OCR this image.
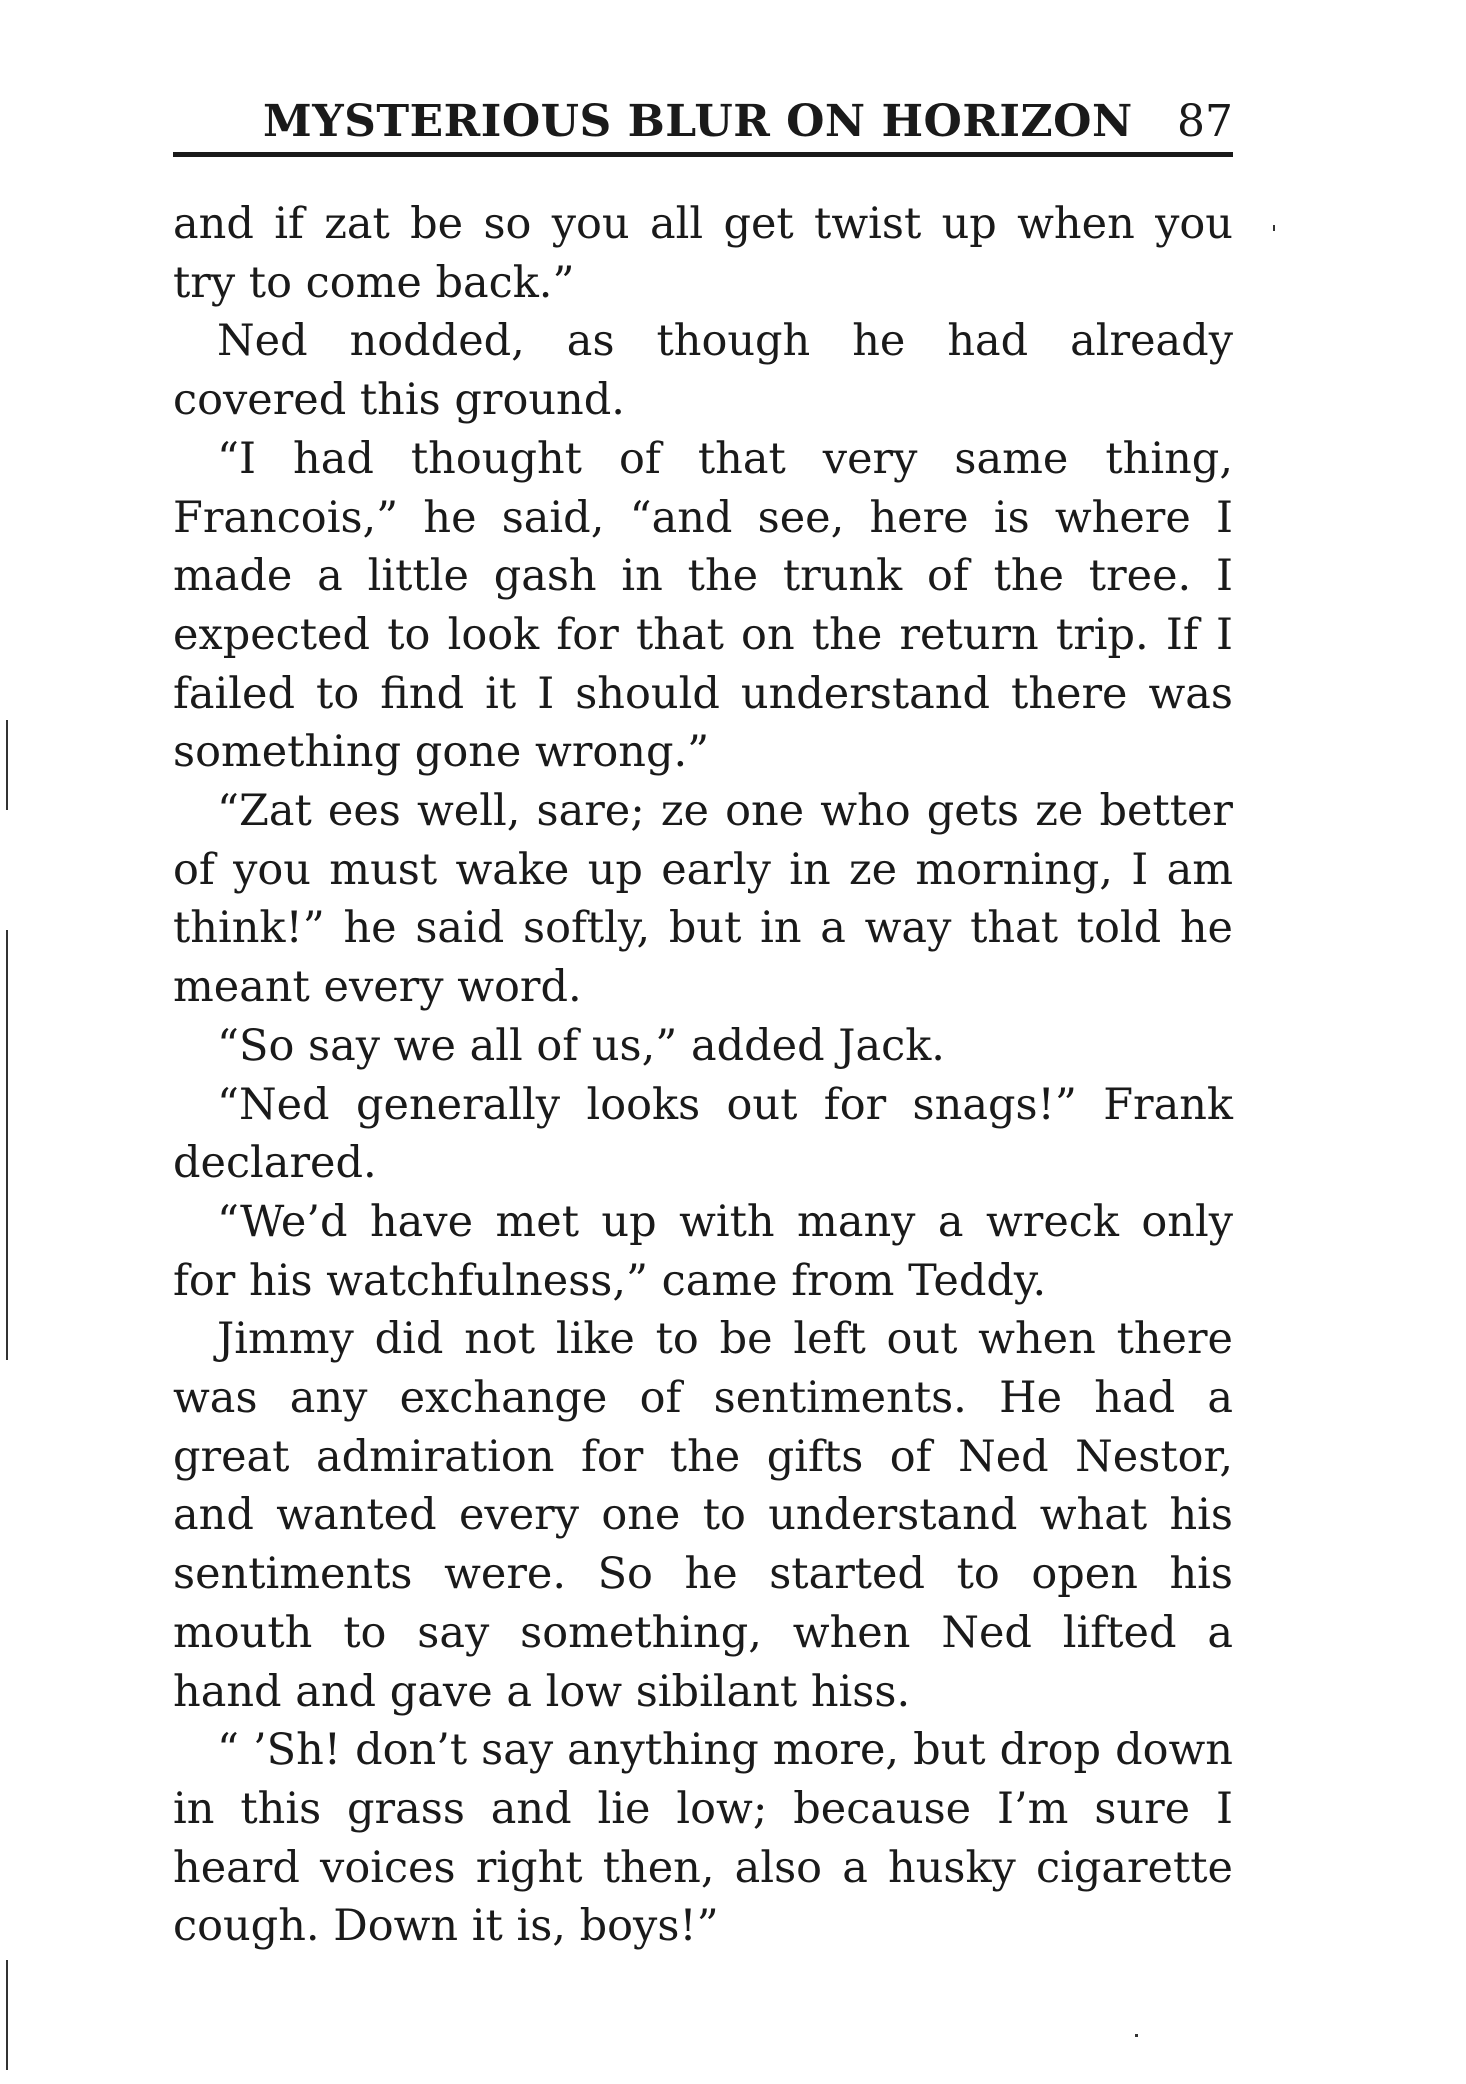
MYSTERIOUS BLUR ON HORIZON 87

and if zat be so you all get twist up when you try to come back.”

Ned nodded, as though he had already covered this ground.

“I had thought of that very same thing, Francois,” he said, “and see, here is where I made a little gash in the trunk of the tree. I expected to look for that on the return trip. If I failed to find it I should understand there was something gone wrong.”

“Zat ees well, sare; ze one who gets ze better of you must wake up early in ze morning, I am think!” he said softly, but in a way that told he meant every word.

“So say we all of us,” added Jack.

“Ned generally looks out for snags!” Frank declared.

“We’d have met up with many a wreck only for his watchfulness,” came from Teddy.

Jimmy did not like to be left out when there was any exchange of sentiments. He had a great admiration for the gifts of Ned Nestor, and wanted every one to understand what his sentiments were. So he started to open his mouth to say something, when Ned lifted a hand and gave a low sibilant hiss.

“ ’Sh! don’t say anything more, but drop down in this grass and lie low; because I’m sure I heard voices right then, also a husky cigarette cough. Down it is, boys!”
